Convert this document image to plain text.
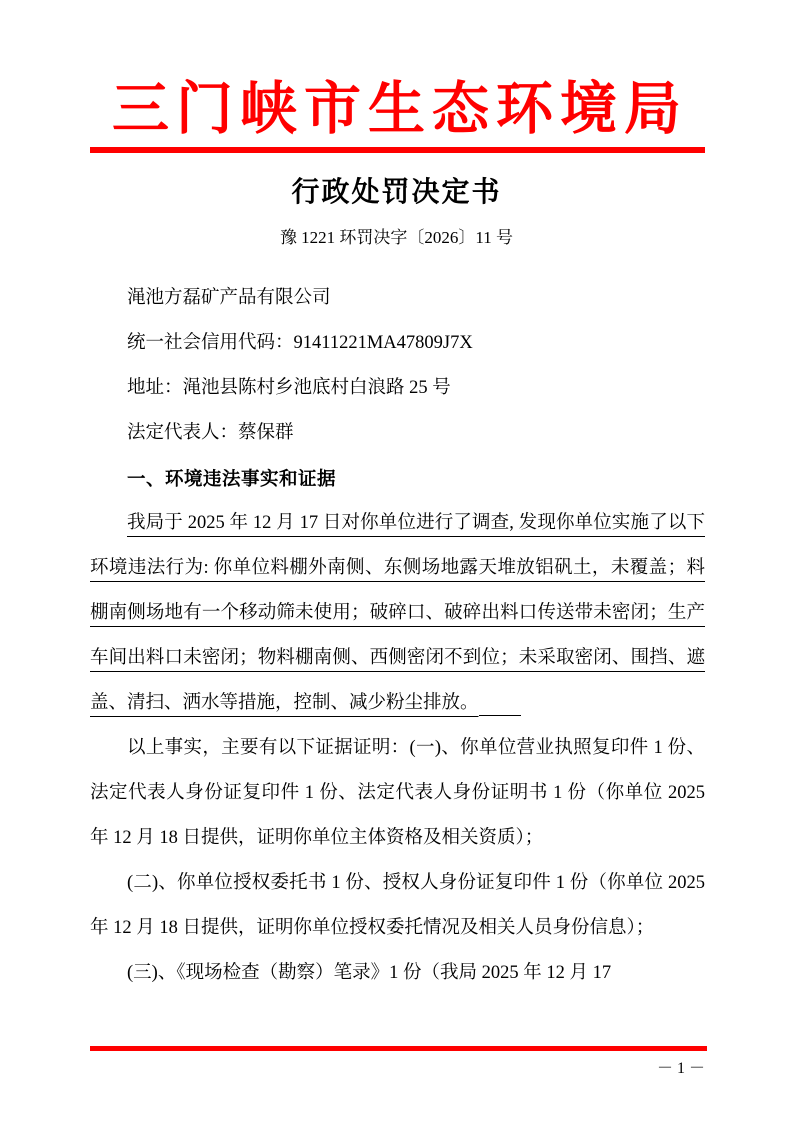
三门峡市生态环境局
行政处罚决定书
豫 1221 环罚决字〔2026〕11 号

渑池方磊矿产品有限公司

统一社会信用代码：91411221MA47809J7X

地址：渑池县陈村乡池底村白浪路 25 号

法定代表人：蔡保群

一、环境违法事实和证据

我局于 2025 年 12 月 17 日对你单位进行了调查, 发现你单位实施了以下环境违法行为: 你单位料棚外南侧、东侧场地露天堆放铝矾土，未覆盖；料棚南侧场地有一个移动筛未使用；破碎口、破碎出料口传送带未密闭；生产车间出料口未密闭；物料棚南侧、西侧密闭不到位；未采取密闭、围挡、遮盖、清扫、洒水等措施，控制、减少粉尘排放。

以上事实，主要有以下证据证明：(一)、你单位营业执照复印件 1 份、法定代表人身份证复印件 1 份、法定代表人身份证明书 1 份（你单位 2025 年 12 月 18 日提供，证明你单位主体资格及相关资质）；

(二)、你单位授权委托书 1 份、授权人身份证复印件 1 份（你单位 2025 年 12 月 18 日提供，证明你单位授权委托情况及相关人员身份信息）；

(三)、《现场检查（勘察）笔录》1 份（我局 2025 年 12 月 17

－ 1 －
